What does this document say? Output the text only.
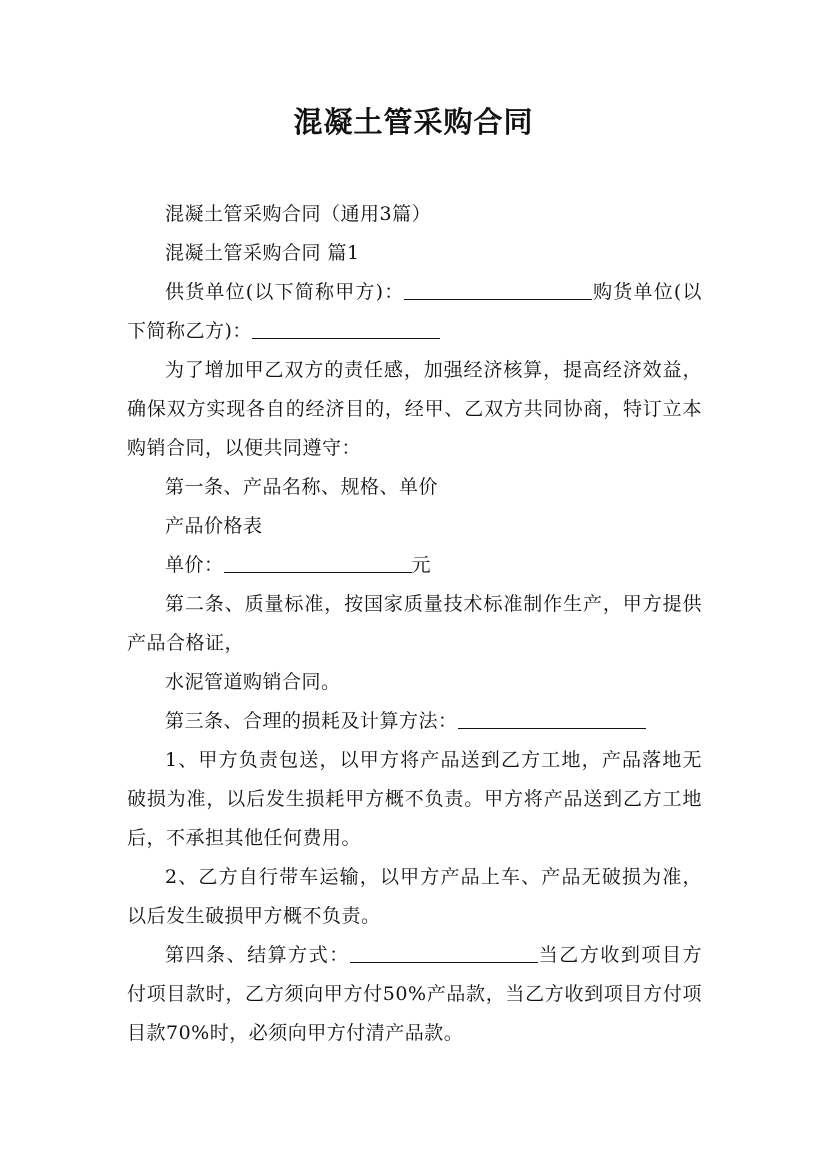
混凝土管采购合同

混凝土管采购合同（通用3篇）

混凝土管采购合同 篇1

供货单位(以下简称甲方)：	购货单位(以下简称乙方)：

为了增加甲乙双方的责任感，加强经济核算，提高经济效益，确保双方实现各自的经济目的，经甲、乙双方共同协商，特订立本购销合同，以便共同遵守：

第一条、产品名称、规格、单价

产品价格表

单价：	元

第二条、质量标准，按国家质量技术标准制作生产，甲方提供产品合格证，

水泥管道购销合同。

第三条、合理的损耗及计算方法：

1、甲方负责包送，以甲方将产品送到乙方工地，产品落地无破损为准，以后发生损耗甲方概不负责。甲方将产品送到乙方工地后，不承担其他任何费用。

2、乙方自行带车运输，以甲方产品上车、产品无破损为准，以后发生破损甲方概不负责。

第四条、结算方式：	当乙方收到项目方付项目款时，乙方须向甲方付50%产品款，当乙方收到项目方付项目款70%时，必须向甲方付清产品款。
